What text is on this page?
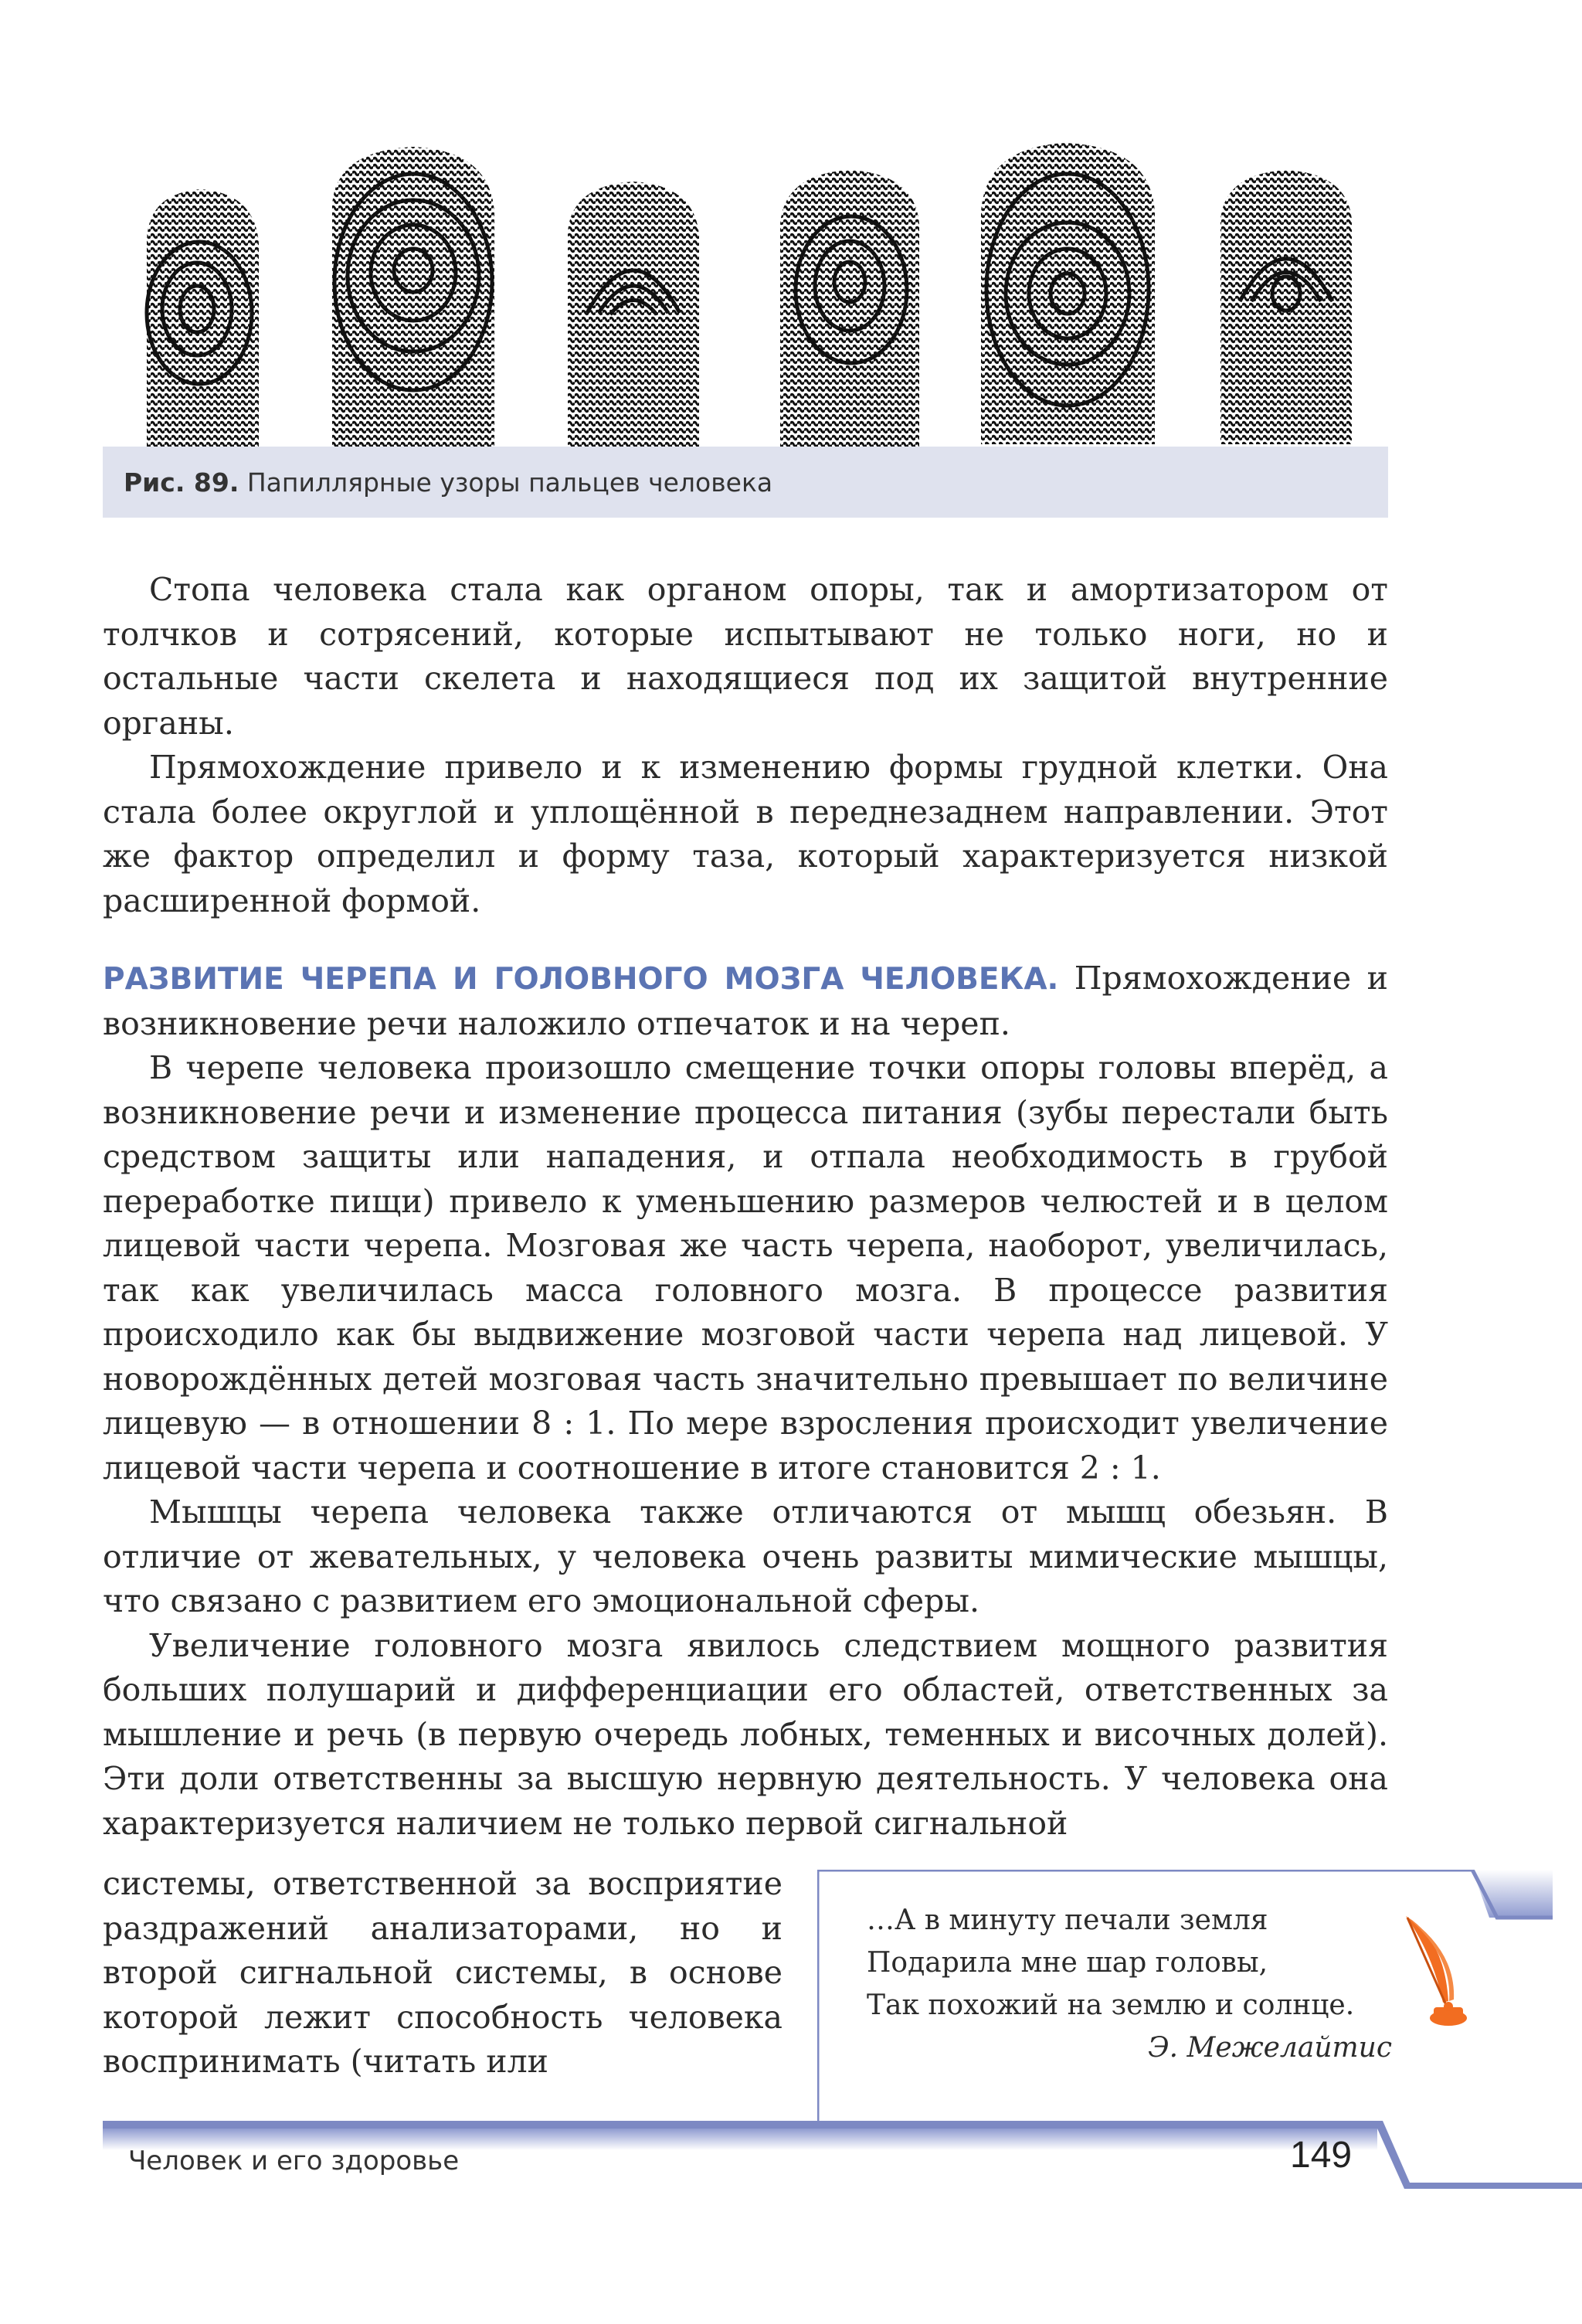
Рис. 89.
Папиллярные узоры пальцев человека

Стопа человека стала как органом опоры, так и амортизатором от толчков и сотрясений, которые испытывают не только ноги, но и остальные части скелета и находящиеся под их защитой внутренние органы.

Прямохождение привело и к изменению формы грудной клетки. Она стала более округлой и уплощённой в переднезаднем направлении. Этот же фактор определил и форму таза, который характеризуется низкой расширенной формой.

РАЗВИТИЕ ЧЕРЕПА И ГОЛОВНОГО МОЗГА ЧЕЛОВЕКА. Прямохождение и возникновение речи наложило отпечаток и на череп.

В черепе человека произошло смещение точки опоры головы вперёд, а возникновение речи и изменение процесса питания (зубы перестали быть средством защиты или нападения, и отпала необходимость в грубой переработке пищи) привело к уменьшению размеров челюстей и в целом лицевой части черепа. Мозговая же часть черепа, наоборот, увеличилась, так как увеличилась масса головного мозга. В процессе развития происходило как бы выдвижение мозговой части черепа над лицевой. У новорождённых детей мозговая часть значительно превышает по величине лицевую — в отношении 8 : 1. По мере взросления происходит увеличение лицевой части черепа и соотношение в итоге становится 2 : 1.

Мышцы черепа человека также отличаются от мышц обезьян. В отличие от жевательных, у человека очень развиты мимические мышцы, что связано с развитием его эмоциональной сферы.

Увеличение головного мозга явилось следствием мощного развития больших полушарий и дифференциации его областей, ответственных за мышление и речь (в первую очередь лобных, теменных и височных долей). Эти доли ответственны за высшую нервную деятельность. У человека она характеризуется наличием не только первой сигнальной

системы, ответственной за восприятие раздражений анализаторами, но и второй сигнальной системы, в основе которой лежит способность человека воспринимать (читать или

…А в минуту печали земля
Подарила мне шар головы,
Так похожий на землю и солнце.
Э. Межелайтис
Человек и его здоровье	149
